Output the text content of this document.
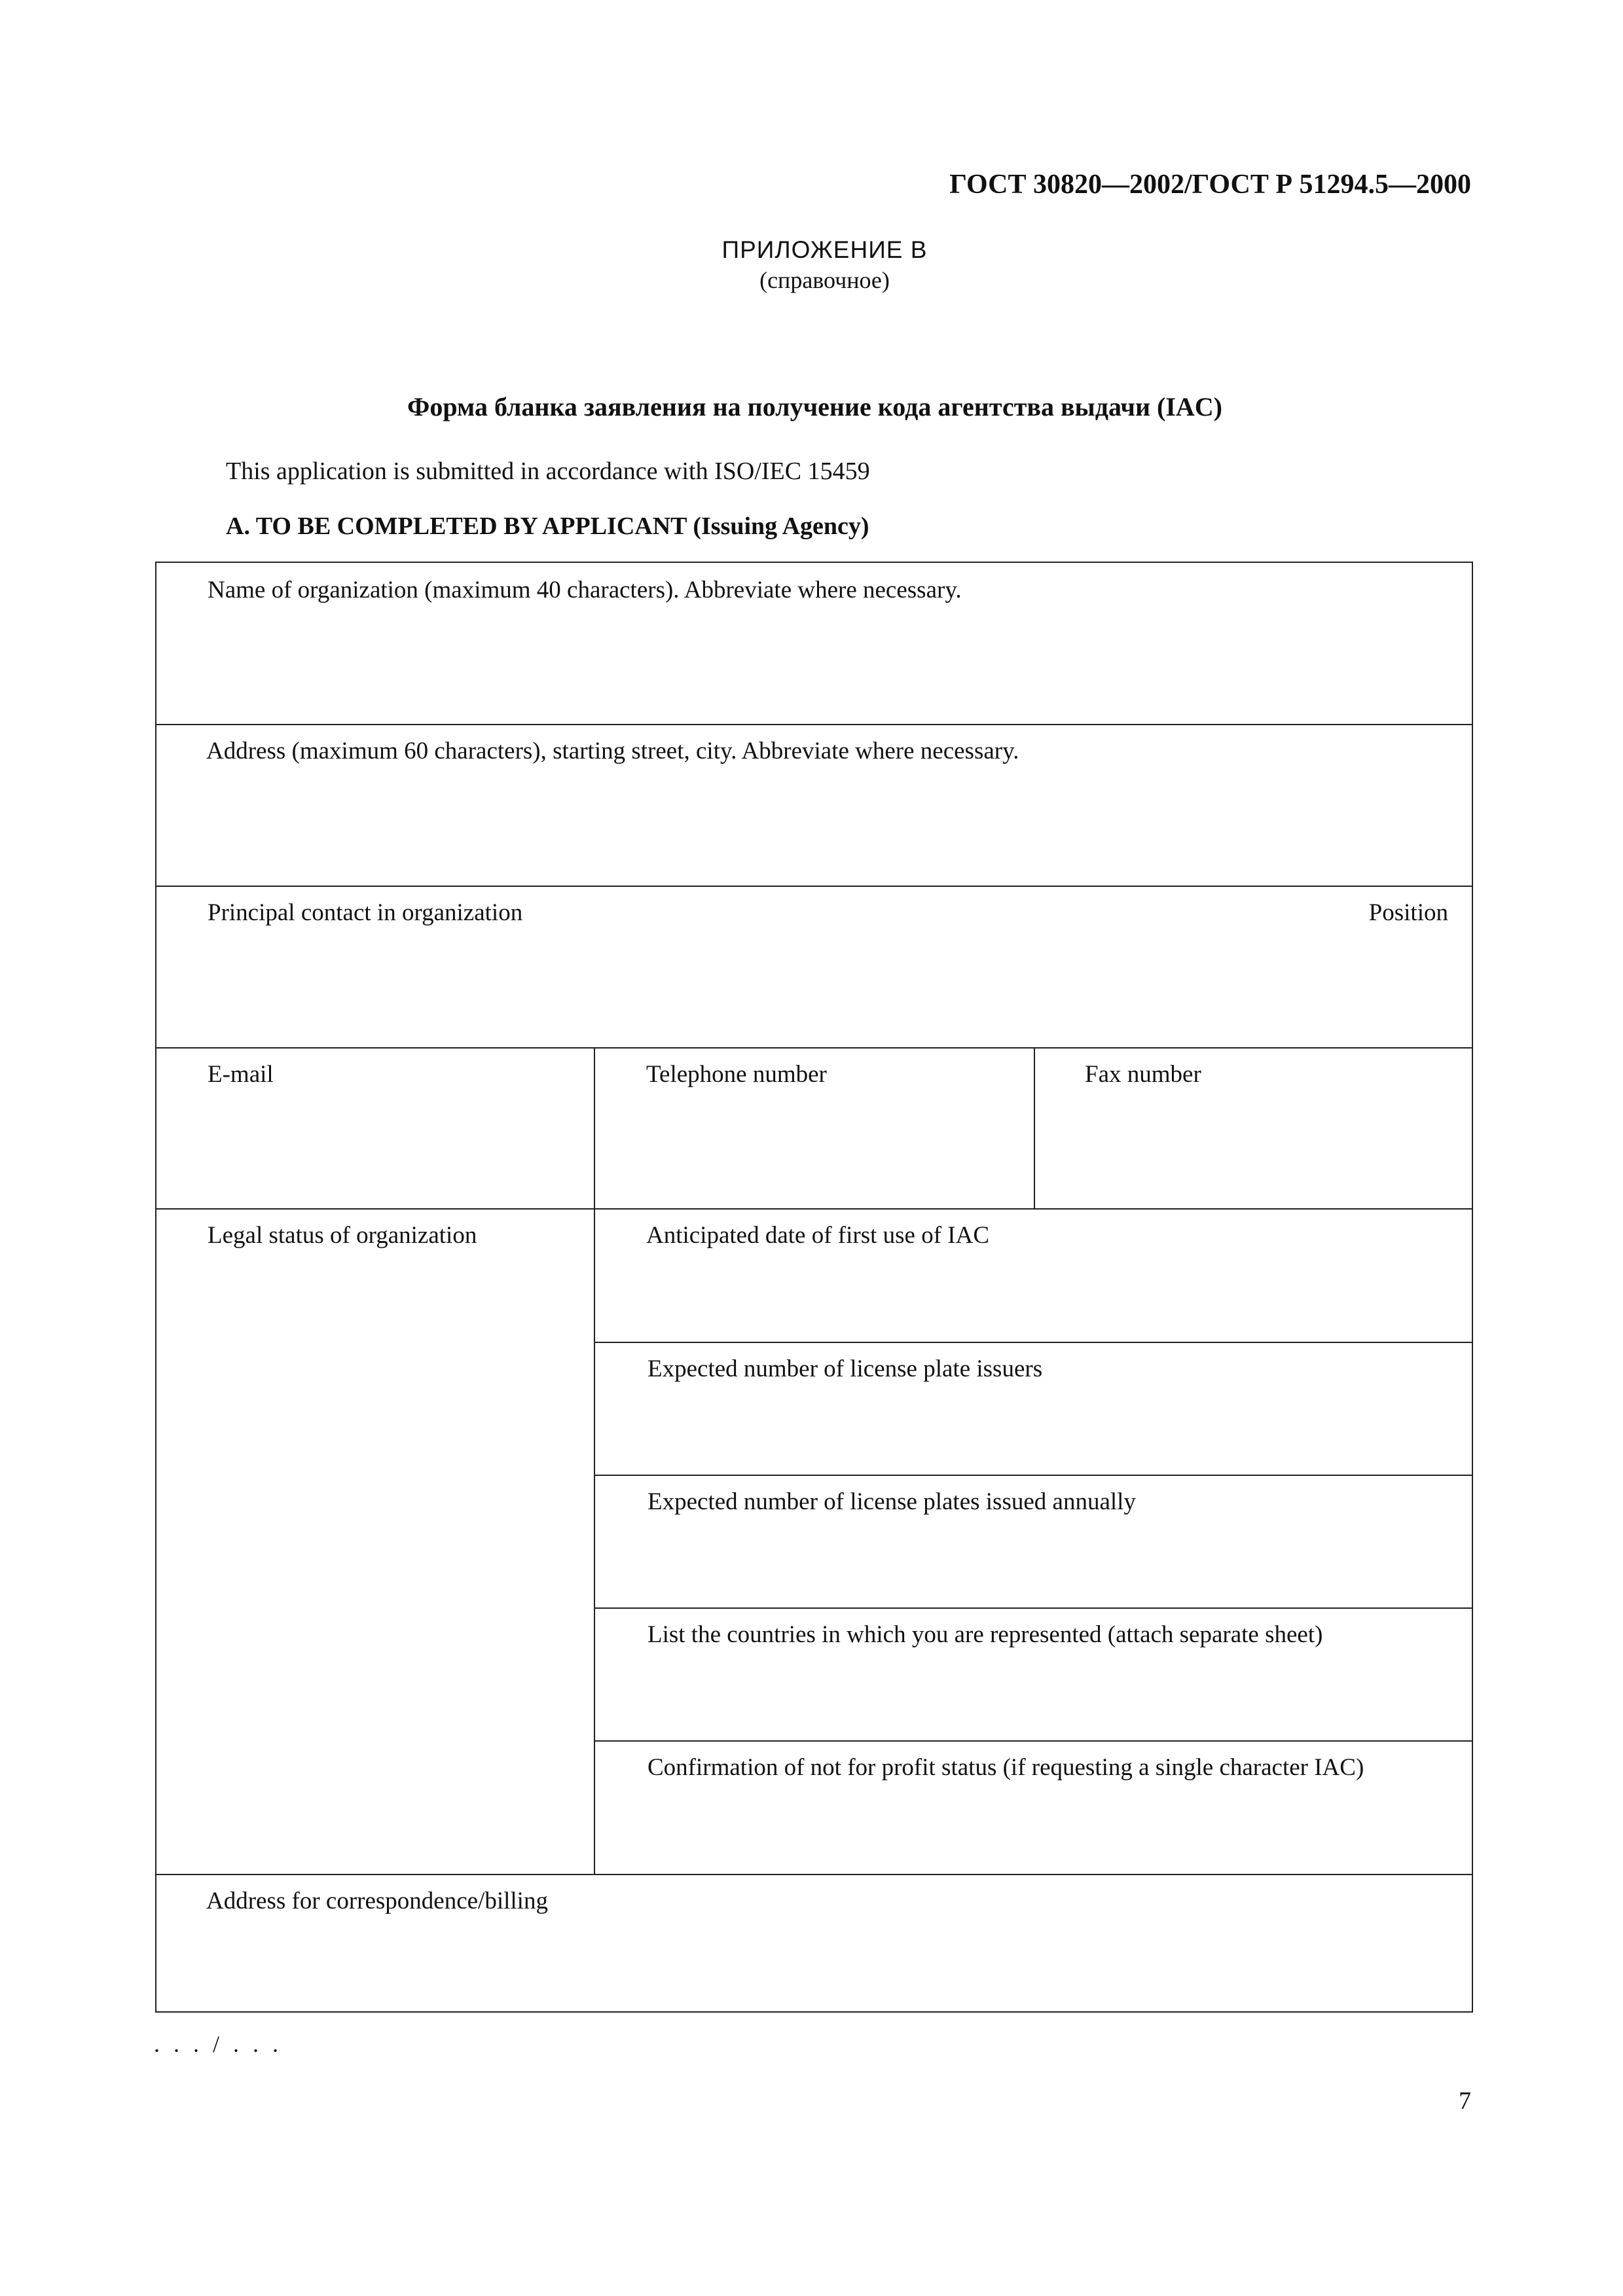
ГОСТ 30820—2002/ГОСТ Р 51294.5—2000
ПРИЛОЖЕНИЕ В
(справочное)
Форма бланка заявления на получение кода агентства выдачи (IAC)
This application is submitted in accordance with ISO/IEC 15459
A. TO BE COMPLETED BY APPLICANT (Issuing Agency)
Name of organization (maximum 40 characters). Abbreviate where necessary.
Address (maximum 60 characters), starting street, city. Abbreviate where necessary.
Principal contact in organization	Position
E-mail	Telephone number	Fax number
Legal status of organization	Anticipated date of first use of IAC
Expected number of license plate issuers
Expected number of license plates issued annually
List the countries in which you are represented (attach separate sheet)
Confirmation of not for profit status (if requesting a single character IAC)
Address for correspondence/billing
. . . / . . .
7
